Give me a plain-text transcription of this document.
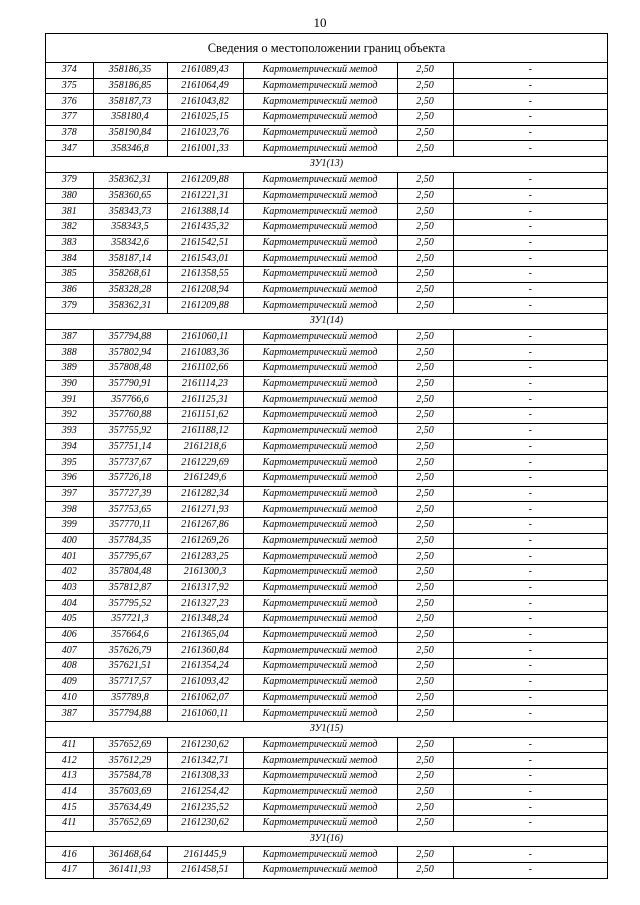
10
Сведения о местоположении границ объекта
374	358186,35	2161089,43	Картометрический метод	2,50	-
375	358186,85	2161064,49	Картометрический метод	2,50	-
376	358187,73	2161043,82	Картометрический метод	2,50	-
377	358180,4	2161025,15	Картометрический метод	2,50	-
378	358190,84	2161023,76	Картометрический метод	2,50	-
347	358346,8	2161001,33	Картометрический метод	2,50	-
ЗУ1(13)					
379	358362,31	2161209,88	Картометрический метод	2,50	-
380	358360,65	2161221,31	Картометрический метод	2,50	-
381	358343,73	2161388,14	Картометрический метод	2,50	-
382	358343,5	2161435,32	Картометрический метод	2,50	-
383	358342,6	2161542,51	Картометрический метод	2,50	-
384	358187,14	2161543,01	Картометрический метод	2,50	-
385	358268,61	2161358,55	Картометрический метод	2,50	-
386	358328,28	2161208,94	Картометрический метод	2,50	-
379	358362,31	2161209,88	Картометрический метод	2,50	-
ЗУ1(14)					
387	357794,88	2161060,11	Картометрический метод	2,50	-
388	357802,94	2161083,36	Картометрический метод	2,50	-
389	357808,48	2161102,66	Картометрический метод	2,50	-
390	357790,91	2161114,23	Картометрический метод	2,50	-
391	357766,6	2161125,31	Картометрический метод	2,50	-
392	357760,88	2161151,62	Картометрический метод	2,50	-
393	357755,92	2161188,12	Картометрический метод	2,50	-
394	357751,14	2161218,6	Картометрический метод	2,50	-
395	357737,67	2161229,69	Картометрический метод	2,50	-
396	357726,18	2161249,6	Картометрический метод	2,50	-
397	357727,39	2161282,34	Картометрический метод	2,50	-
398	357753,65	2161271,93	Картометрический метод	2,50	-
399	357770,11	2161267,86	Картометрический метод	2,50	-
400	357784,35	2161269,26	Картометрический метод	2,50	-
401	357795,67	2161283,25	Картометрический метод	2,50	-
402	357804,48	2161300,3	Картометрический метод	2,50	-
403	357812,87	2161317,92	Картометрический метод	2,50	-
404	357795,52	2161327,23	Картометрический метод	2,50	-
405	357721,3	2161348,24	Картометрический метод	2,50	-
406	357664,6	2161365,04	Картометрический метод	2,50	-
407	357626,79	2161360,84	Картометрический метод	2,50	-
408	357621,51	2161354,24	Картометрический метод	2,50	-
409	357717,57	2161093,42	Картометрический метод	2,50	-
410	357789,8	2161062,07	Картометрический метод	2,50	-
387	357794,88	2161060,11	Картометрический метод	2,50	-
ЗУ1(15)					
411	357652,69	2161230,62	Картометрический метод	2,50	-
412	357612,29	2161342,71	Картометрический метод	2,50	-
413	357584,78	2161308,33	Картометрический метод	2,50	-
414	357603,69	2161254,42	Картометрический метод	2,50	-
415	357634,49	2161235,52	Картометрический метод	2,50	-
411	357652,69	2161230,62	Картометрический метод	2,50	-
ЗУ1(16)					
416	361468,64	2161445,9	Картометрический метод	2,50	-
417	361411,93	2161458,51	Картометрический метод	2,50	-
